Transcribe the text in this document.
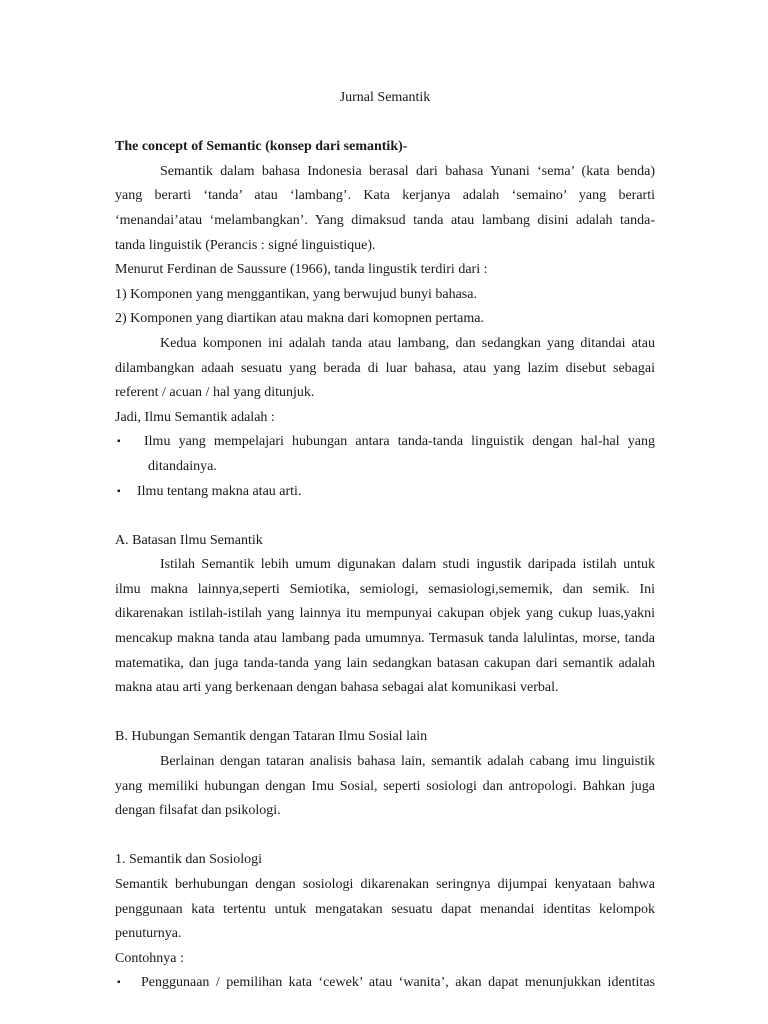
Jurnal Semantik
The concept of Semantic (konsep dari semantik)-
Semantik dalam bahasa Indonesia berasal dari bahasa Yunani ‘sema’ (kata benda)
yang berarti ‘tanda’ atau ‘lambang’. Kata kerjanya adalah ‘semaino’ yang berarti
‘menandai’atau ‘melambangkan’. Yang dimaksud tanda atau lambang disini adalah tanda-
tanda linguistik (Perancis : signé linguistique).
Menurut Ferdinan de Saussure (1966), tanda lingustik terdiri dari :
1) Komponen yang menggantikan, yang berwujud bunyi bahasa.
2) Komponen yang diartikan atau makna dari komopnen pertama.
Kedua komponen ini adalah tanda atau lambang, dan sedangkan yang ditandai atau
dilambangkan adaah sesuatu yang berada di luar bahasa, atau yang lazim disebut sebagai
referent / acuan / hal yang ditunjuk.
Jadi, Ilmu Semantik adalah :
▪	Ilmu yang mempelajari hubungan antara tanda-tanda linguistik dengan hal-hal yang
ditandainya.
▪ Ilmu tentang makna atau arti.
A. Batasan Ilmu Semantik
Istilah Semantik lebih umum digunakan dalam studi ingustik daripada istilah untuk
ilmu makna lainnya,seperti Semiotika, semiologi, semasiologi,sememik, dan semik. Ini
dikarenakan istilah-istilah yang lainnya itu mempunyai cakupan objek yang cukup luas,yakni
mencakup makna tanda atau lambang pada umumnya. Termasuk tanda lalulintas, morse, tanda
matematika, dan juga tanda-tanda yang lain sedangkan batasan cakupan dari semantik adalah
makna atau arti yang berkenaan dengan bahasa sebagai alat komunikasi verbal.
B. Hubungan Semantik dengan Tataran Ilmu Sosial lain
Berlainan dengan tataran analisis bahasa lain, semantik adalah cabang imu linguistik
yang memiliki hubungan dengan Imu Sosial, seperti sosiologi dan antropologi. Bahkan juga
dengan filsafat dan psikologi.
1. Semantik dan Sosiologi
Semantik berhubungan dengan sosiologi dikarenakan seringnya dijumpai kenyataan bahwa
penggunaan kata tertentu untuk mengatakan sesuatu dapat menandai identitas kelompok
penuturnya.
Contohnya :
▪	Penggunaan / pemilihan kata ‘cewek’ atau ‘wanita’, akan dapat menunjukkan identitas
